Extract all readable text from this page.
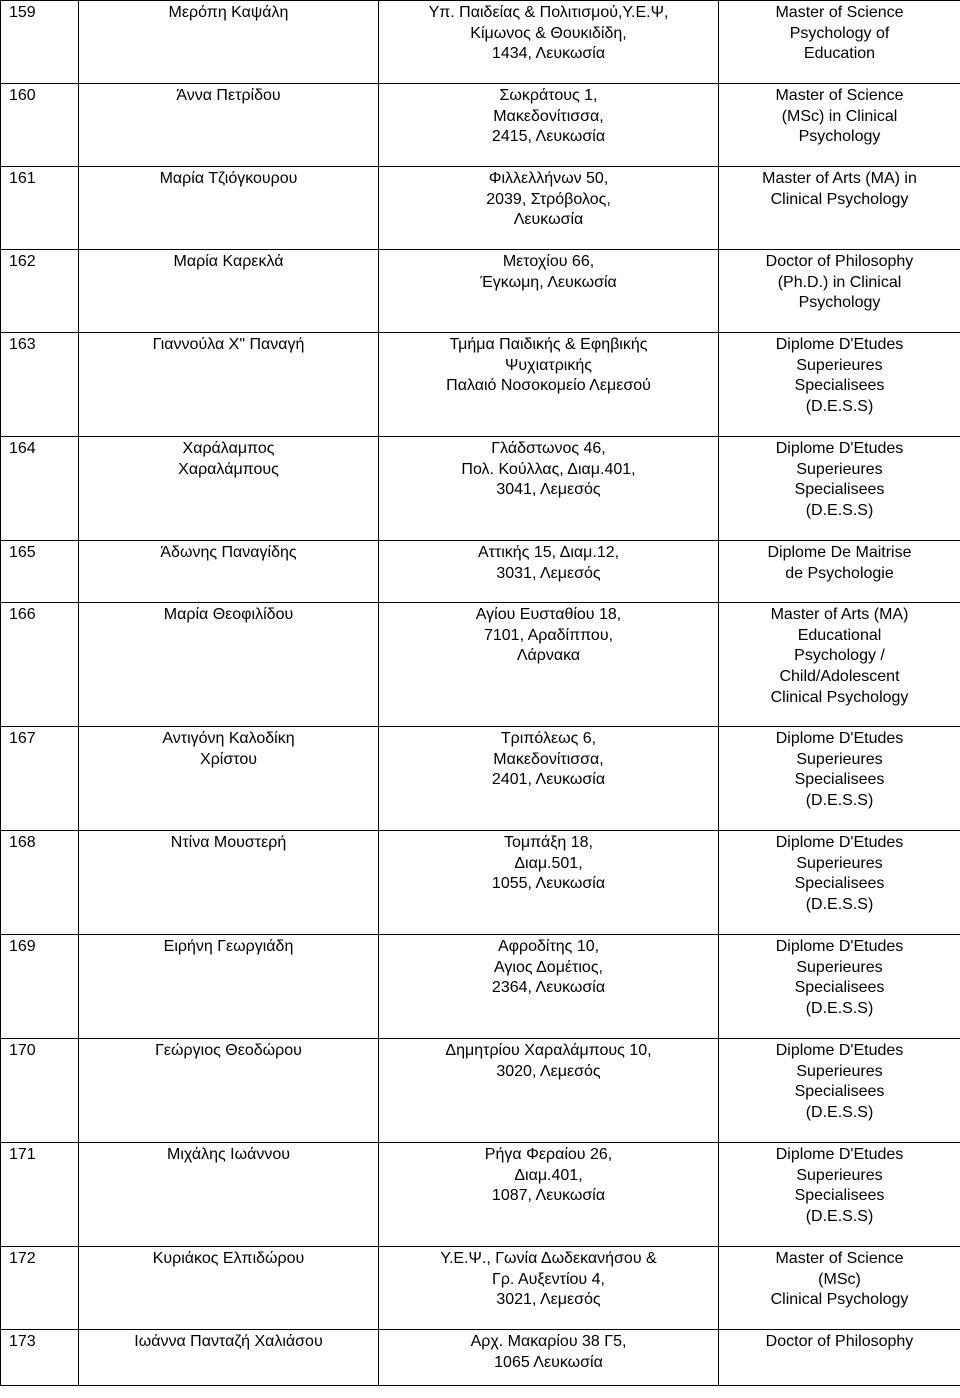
159	Μερόπη Καψάλη	Υπ. Παιδείας & Πολιτισμού,Υ.Ε.Ψ,
Κίμωνος & Θουκιδίδη,
1434, Λευκωσία	Master of Science
Psychology of
Education

160	Άννα Πετρίδου	Σωκράτους 1,
Μακεδονίτισσα,
2415, Λευκωσία	Master of Science
(MSc) in Clinical
Psychology

161	Μαρία Τζιόγκουρου	Φιλλελλήνων 50,
2039, Στρόβολος,
Λευκωσία	Master of Arts (MA) in
Clinical Psychology

162	Μαρία Καρεκλά	Μετοχίου 66,
Έγκωμη, Λευκωσία	Doctor of Philosophy
(Ph.D.) in Clinical
Psychology

163	Γιαννούλα Χ" Παναγή	Τμήμα Παιδικής & Εφηβικής
Ψυχιατρικής
Παλαιό Νοσοκομείο Λεμεσού	Diplome D'Etudes
Superieures
Specialisees
(D.E.S.S)

164	Χαράλαμπος
Χαραλάμπους	Γλάδστωνος 46,
Πολ. Κούλλας, Διαμ.401,
3041, Λεμεσός	Diplome D'Etudes
Superieures
Specialisees
(D.E.S.S)

165	Άδωνης Παναγίδης	Αττικής 15, Διαμ.12,
3031, Λεμεσός	Diplome De Maitrise
de Psychologie

166	Μαρία Θεοφιλίδου	Αγίου Ευσταθίου 18,
7101, Αραδίππου,
Λάρνακα	Master of Arts (MA)
Educational
Psychology /
Child/Adolescent
Clinical Psychology

167	Αντιγόνη Καλοδίκη
Χρίστου	Τριπόλεως 6,
Μακεδονίτισσα,
2401, Λευκωσία	Diplome D'Etudes
Superieures
Specialisees
(D.E.S.S)

168	Ντίνα Μουστερή	Τομπάξη 18,
Διαμ.501,
1055, Λευκωσία	Diplome D'Etudes
Superieures
Specialisees
(D.E.S.S)

169	Ειρήνη Γεωργιάδη	Αφροδίτης 10,
Αγιος Δομέτιος,
2364, Λευκωσία	Diplome D'Etudes
Superieures
Specialisees
(D.E.S.S)

170	Γεώργιος Θεοδώρου	Δημητρίου Χαραλάμπους 10,
3020, Λεμεσός	Diplome D'Etudes
Superieures
Specialisees
(D.E.S.S)

171	Μιχάλης Ιωάννου	Ρήγα Φεραίου 26,
Διαμ.401,
1087, Λευκωσία	Diplome D'Etudes
Superieures
Specialisees
(D.E.S.S)

172	Κυριάκος Ελπιδώρου	Υ.Ε.Ψ., Γωνία Δωδεκανήσου &
Γρ. Αυξεντίου 4,
3021, Λεμεσός	Master of Science
(MSc)
Clinical Psychology

173	Ιωάννα Πανταζή Χαλιάσου	Αρχ. Μακαρίου 38 Γ5,
1065 Λευκωσία	Doctor of Philosophy
